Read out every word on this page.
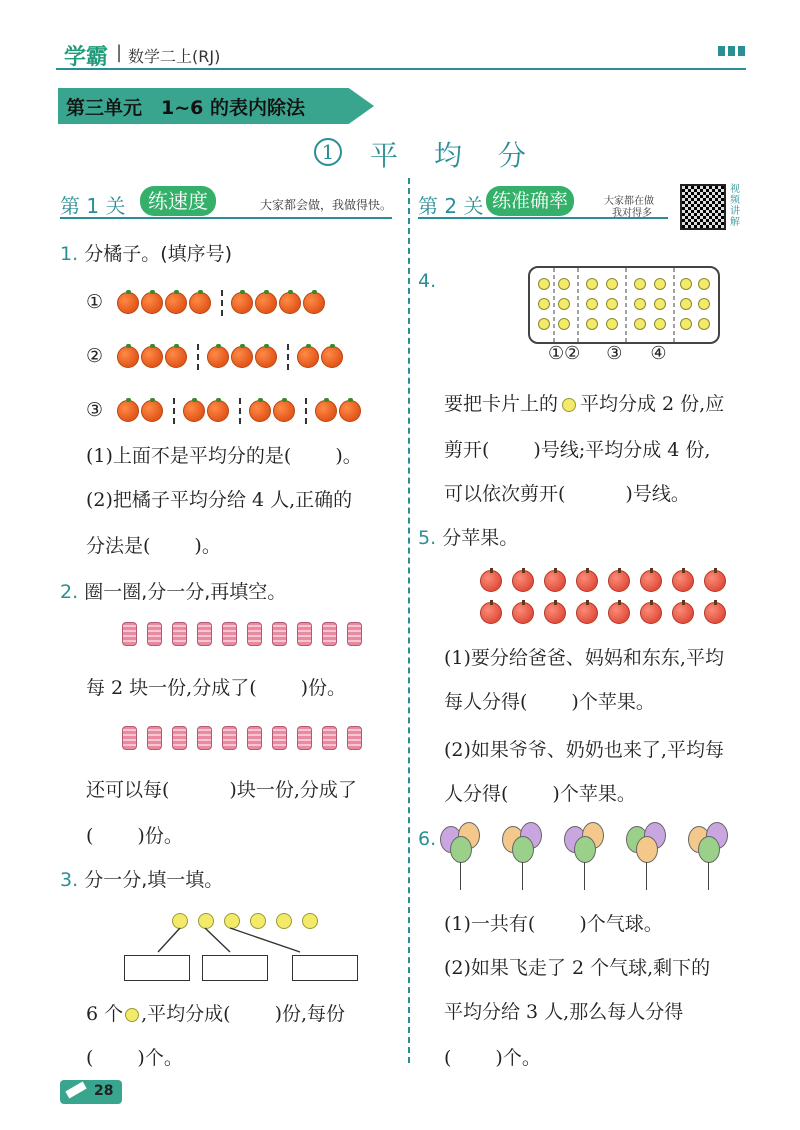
学霸 | 数学二上(RJ)
第三单元　1~6 的表内除法
1 平　均　分
第 1 关	练速度	大家都会做，我做得快。
1. 分橘子。(填序号)
①
②
③
(1)上面不是平均分的是( )。
(2)把橘子平均分给 4 人,正确的
分法是( )。
2. 圈一圈,分一分,再填空。
每 2 块一份,分成了( )份。
还可以每(	)块一份,分成了
( )份。
3. 分一分,填一填。
6 个 ,平均分成( )份,每份
( )个。
第 2 关 练准确率	大家都在做
我对得多
视频讲解
4.
①② ③ ④
要把卡片上的 平均分成 2 份,应
剪开( )号线;平均分成 4 份,
可以依次剪开(	)号线。
5. 分苹果。
(1)要分给爸爸、妈妈和东东,平均
每人分得( )个苹果。
(2)如果爷爷、奶奶也来了,平均每
人分得( )个苹果。
6.
(1)一共有( )个气球。
(2)如果飞走了 2 个气球,剩下的
平均分给 3 人,那么每人分得
( )个。
28
